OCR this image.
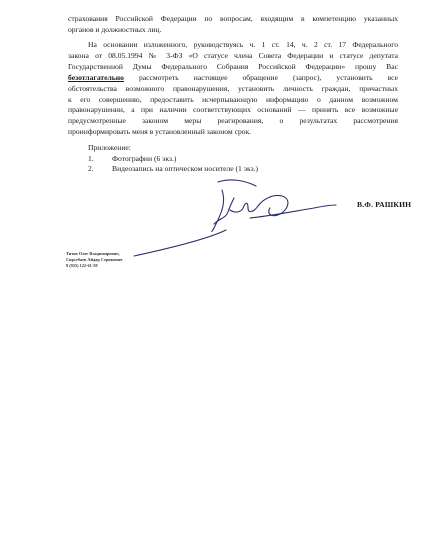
страхования Российской Федерации по вопросам, входящим в компетенцию указанных
органов и должностных лиц.
На основании изложенного, руководствуясь ч. 1 ст. 14, ч. 2 ст. 17 Федерального
закона от 08.05.1994 № 3-ФЗ «О статусе члена Совета Федерации и статусе депутата
Государственной Думы Федерального Собрания Российской Федерации» прошу Вас
безотлагательно рассмотреть настоящее обращение (запрос), установить все
обстоятельства возможного правонарушения, установить личность граждан, причастных
к его совершению, предоставить исчерпывающую информацию о данном возможном
правонарушении, а при наличии соответствующих оснований — принять все возможные
предусмотренные законом меры реагирования, о результатах рассмотрения
проинформировать меня в установленный законом срок.
Приложение:
1. Фотографии (6 экз.)
2. Видеозапись на оптическом носителе (1 экз.)
В.Ф. РАШКИН
Титов Олег Владимирович,
Сирсебаев Айдар Серикович
8 (925) 122-61-58
